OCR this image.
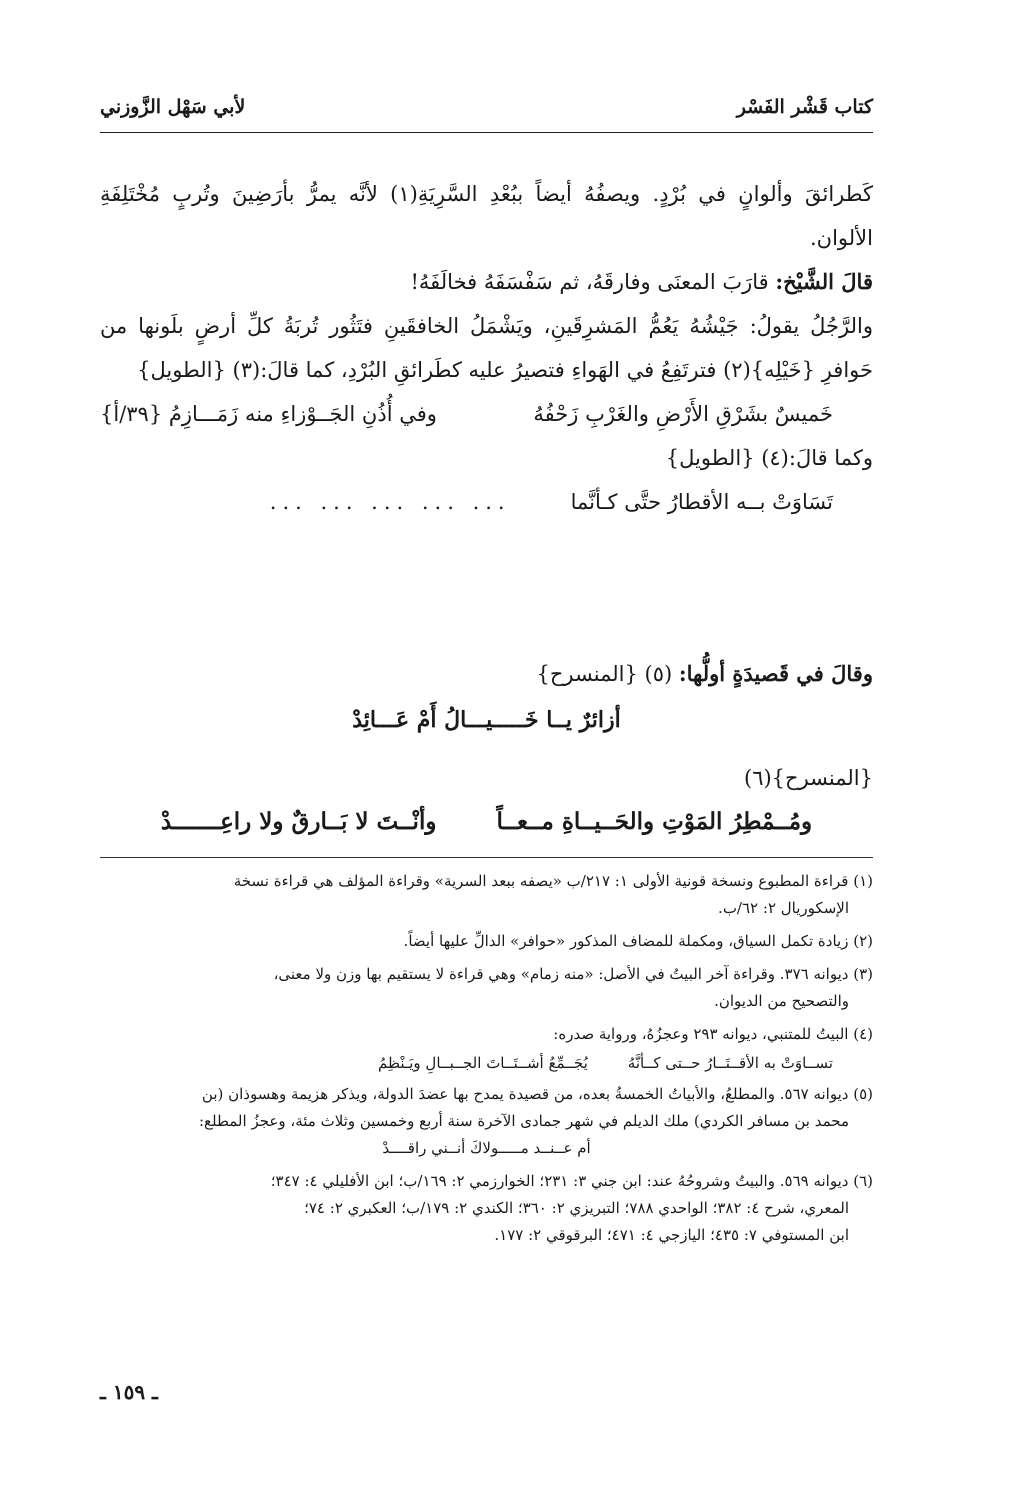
كتاب قَشْر الفَسْر
لأبي سَهْل الزَّوزني

كَطرائقَ وألوانٍ في بُرْدٍ. ويصفُهُ أيضاً ببُعْدِ السَّرِيَةِ(١) لأنَّه يمرُّ بأرَضِينَ وتُربٍ مُخْتَلِفَةِ الألوان.

قالَ الشَّيْخ: قارَبَ المعنَى وفارقَهُ، ثم سَفْسَفَهُ فخالَفَهُ!

والرَّجُلُ يقولُ: جَيْشُهُ يَعُمُّ المَشرِقَينِ، ويَشْمَلُ الخافقَينِ فتَثُور تُربَةُ كلِّ أرضٍ بلَونها من حَوافرِ {خَيْلِه}(٢) فترتَفِعُ في الهَواءِ فتصيرُ عليه كطَرائقِ البُرْدِ، كما قالَ:(٣) {الطويل}

خَميسٌ بشَرْقِ الأَرْضِ والغَرْبِ زَحْفُهُ
وفي أُذُنِ الجَــوْزاءِ منه زَمَـــازِمُ {٣٩/أ}

وكما قالَ:(٤) {الطويل}

تَسَاوَتْ بــه الأقطارُ حتَّى كـأنَّما
... ... ... ... ...

وقالَ في قَصيدَةٍ أولُّها: (٥) {المنسرح}

أزائرٌ يــا خَـــــيـــالُ أَمْ عَـــائِدْ

{المنسرح}(٦)

ومُــمْطِرُ المَوْتِ والحَــيــاةِ مــعــاً
وأنْــتَ لا بَــارقٌ ولا راعِـــــــدْ

(١) قراءة المطبوع ونسخة قونية الأولى ١: ٢١٧/ب «يصفه ببعد السرية» وقراءة المؤلف هي قراءة نسخة
الإسكوريال ٢: ٦٢/ب.

(٢) زيادة تكمل السياق، ومكملة للمضاف المذكور «حوافر» الدالِّ عليها أيضاً.

(٣) ديوانه ٣٧٦. وقراءة آخر البيتُ في الأصل: «منه زمام» وهي قراءة لا يستقيم بها وزن ولا معنى،
والتصحيح من الديوان.

(٤) البيتُ للمتنبي، ديوانه ٢٩٣ وعجزُهُ، ورواية صدره:

تســاوَتْ به الأقــتَــارُ حــتى كــأنَّهُ
يُجَــمِّعُ أشــتَــاتَ الجــبــالِ ويَـنْظِمُ

(٥) ديوانه ٥٦٧. والمطلعُ، والأبياتُ الخمسةُ بعده، من قصيدة يمدح بها عضدَ الدولة، ويذكر هزيمة وهسوذان (بن
محمد بن مسافر الكردي) ملك الديلم في شهر جمادى الآخرة سنة أربع وخمسين وثلاث مئة، وعجزُ المطلع:

أم عــنــد مـــــولاكَ أنــني راقــــدْ

(٦) ديوانه ٥٦٩. والبيتُ وشروحُهُ عند: ابن جني ٣: ٢٣١؛ الخوارزمي ٢: ١٦٩/ب؛ ابن الأفليلي ٤: ٣٤٧؛
المعري، شرح ٤: ٣٨٢؛ الواحدي ٧٨٨؛ التبريزي ٢: ٣٦٠؛ الكندي ٢: ١٧٩/ب؛ العكبري ٢: ٧٤؛
ابن المستوفي ٧: ٤٣٥؛ اليازجي ٤: ٤٧١؛ البرقوقي ٢: ١٧٧.

ـ ١٥٩ ـ
